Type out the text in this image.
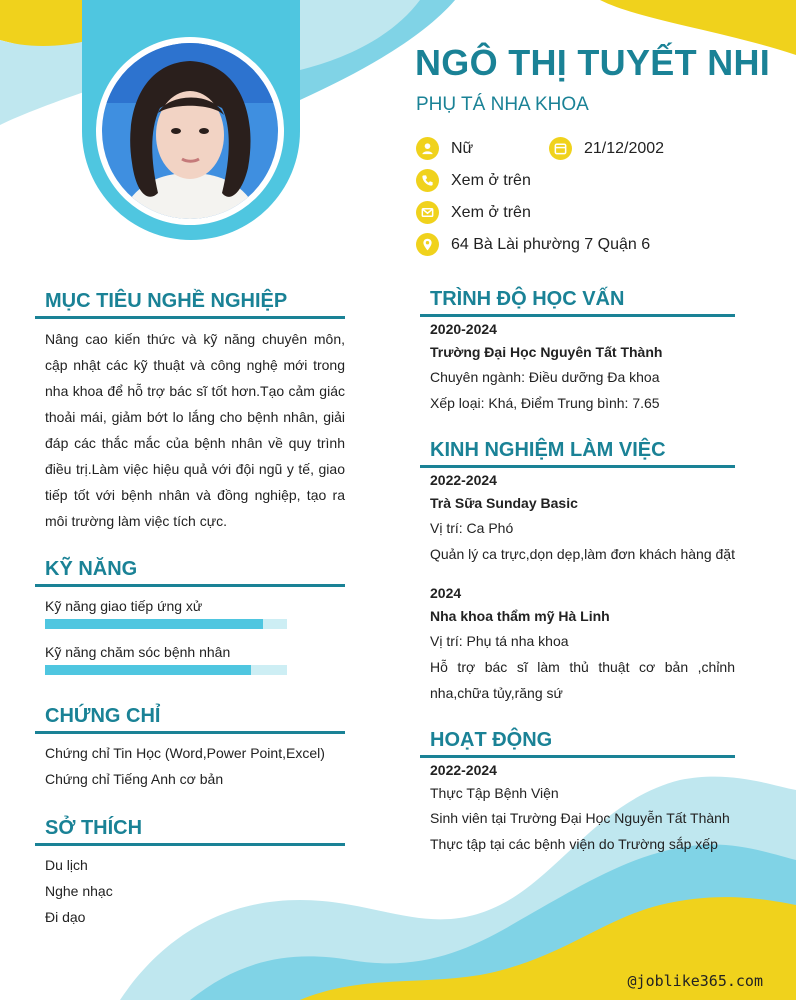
NGÔ THỊ TUYẾT NHI
PHỤ TÁ NHA KHOA
Nữ	21/12/2002
Xem ở trên
Xem ở trên
64 Bà Lài phường 7 Quận 6
MỤC TIÊU NGHỀ NGHIỆP
Nâng cao kiến thức và kỹ năng chuyên môn, cập nhật các kỹ thuật và công nghệ mới trong nha khoa để hỗ trợ bác sĩ tốt hơn.Tạo cảm giác thoải mái, giảm bớt lo lắng cho bệnh nhân, giải đáp các thắc mắc của bệnh nhân về quy trình điều trị.Làm việc hiệu quả với đội ngũ y tế, giao tiếp tốt với bệnh nhân và đồng nghiệp, tạo ra môi trường làm việc tích cực.
KỸ NĂNG
Kỹ năng giao tiếp ứng xử
Kỹ năng chăm sóc bệnh nhân
CHỨNG CHỈ
Chứng chỉ Tin Học (Word,Power Point,Excel)
Chứng chỉ Tiếng Anh cơ bản
SỞ THÍCH
Du lịch
Nghe nhạc
Đi dạo
TRÌNH ĐỘ HỌC VẤN
2020-2024
Trường Đại Học Nguyên Tất Thành
Chuyên ngành: Điều dưỡng Đa khoa
Xếp loại: Khá, Điểm Trung bình: 7.65
KINH NGHIỆM LÀM VIỆC
2022-2024
Trà Sữa Sunday Basic
Vị trí: Ca Phó
Quản lý ca trực,dọn dẹp,làm đơn khách hàng đặt
2024
Nha khoa thẩm mỹ Hà Linh
Vị trí: Phụ tá nha khoa
Hỗ trợ bác sĩ làm thủ thuật cơ bản ,chỉnh nha,chữa tủy,răng sứ
HOẠT ĐỘNG
2022-2024
Thực Tập Bệnh Viện
Sinh viên tại Trường Đại Học Nguyễn Tất Thành
Thực tập tại các bệnh viện do Trường sắp xếp
@joblike365.com
